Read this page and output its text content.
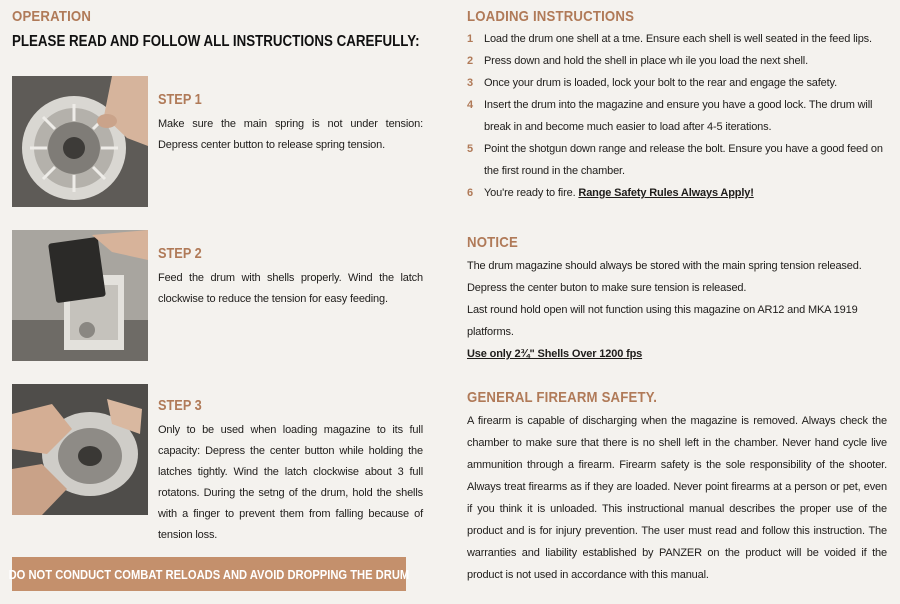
OPERATION
PLEASE READ AND FOLLOW ALL INSTRUCTIONS CAREFULLY:
STEP 1
Make sure the main spring is not under tension: Depress center button to release spring tension.
STEP 2
Feed the drum with shells properly. Wind the latch clockwise to reduce the tension for easy feeding.
STEP 3
Only to be used when loading magazine to its full capacity: Depress the center button while holding the latches tightly. Wind the latch clockwise about 3 full rotatons. During the setng of the drum, hold the shells with a finger to prevent them from falling because of tension loss.
DO NOT CONDUCT COMBAT RELOADS AND AVOID DROPPING THE DRUM
LOADING INSTRUCTIONS
1	Load the drum one shell at a tme. Ensure each shell is well seated in the feed lips.
2	Press down and hold the shell in place wh ile you load the next shell.
3	Once your drum is loaded, lock your bolt to the rear and engage the safety.
4	Insert the drum into the magazine and ensure you have a good lock. The drum will break in and become much easier to load after 4-5 iterations.
5	Point the shotgun down range and release the bolt. Ensure you have a good feed on the first round in the chamber.
6	You're ready to fire. Range Safety Rules Always Apply!
NOTICE
The drum magazine should always be stored with the main spring tension released. Depress the center buton to make sure tension is released.
Last round hold open will not function using this magazine on AR12 and MKA 1919 platforms.
Use only 2¾" Shells Over 1200 fps
GENERAL FIREARM SAFETY.
A firearm is capable of discharging when the magazine is removed. Always check the chamber to make sure that there is no shell left in the chamber. Never hand cycle live ammunition through a firearm. Firearm safety is the sole responsibility of the shooter. Always treat firearms as if they are loaded. Never point firearms at a person or pet, even if you think it is unloaded. This instructional manual describes the proper use of the product and is for injury prevention. The user must read and follow this instruction. The warranties and liability established by PANZER on the product will be voided if the product is not used in accordance with this manual.
